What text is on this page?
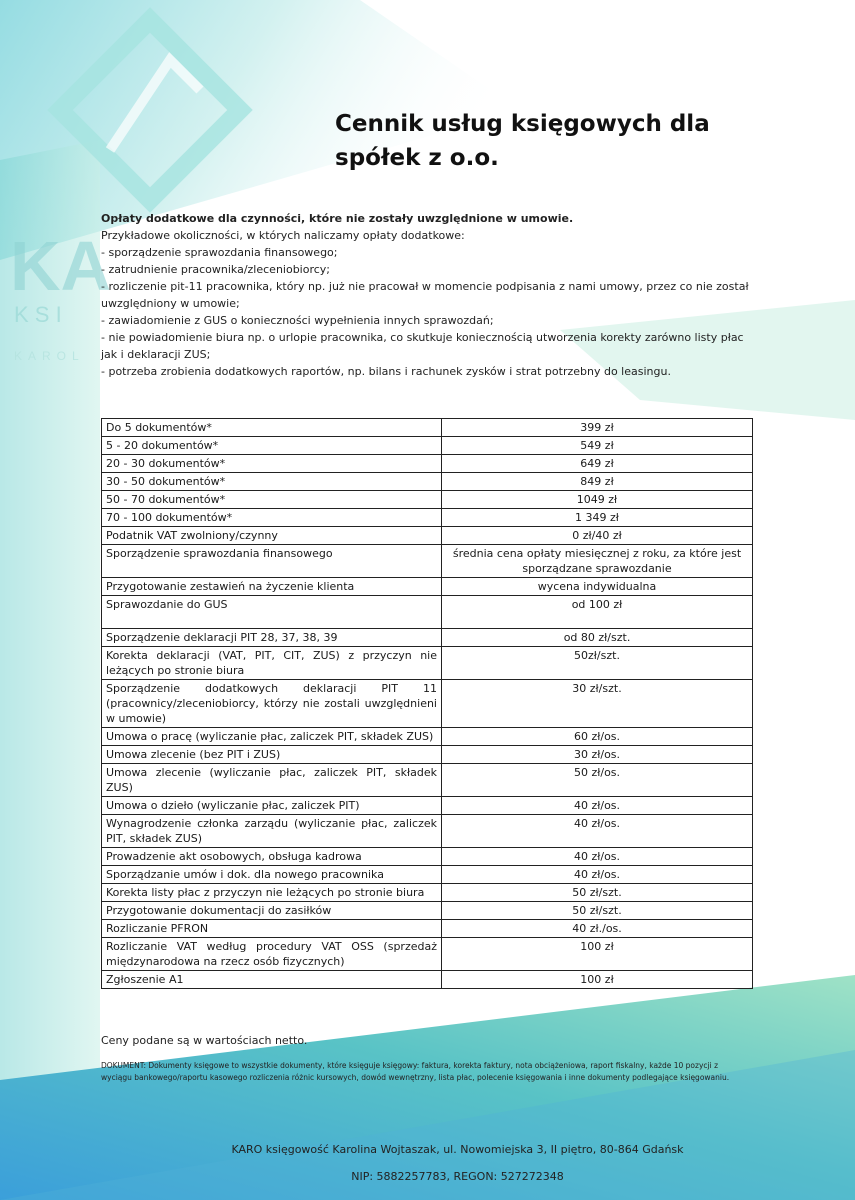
KA
K S I
KAROL
Cennik usług księgowych dla
spółek z o.o.

Opłaty dodatkowe dla czynności, które nie zostały uwzględnione w umowie.

Przykładowe okoliczności, w których naliczamy opłaty dodatkowe:

- sporządzenie sprawozdania finansowego;

- zatrudnienie pracownika/zleceniobiorcy;

- rozliczenie pit-11 pracownika, który np. już nie pracował w momencie podpisania z nami umowy, przez co nie został uwzględniony w umowie;

- zawiadomienie z GUS o konieczności wypełnienia innych sprawozdań;

- nie powiadomienie biura np. o urlopie pracownika, co skutkuje koniecznością utworzenia korekty zarówno listy płac jak i deklaracji ZUS;

- potrzeba zrobienia dodatkowych raportów, np. bilans i rachunek zysków i strat potrzebny do leasingu.

Do 5 dokumentów*	399 zł
5 - 20 dokumentów*	549 zł
20 - 30 dokumentów*	649 zł
30 - 50 dokumentów*	849 zł
50 - 70 dokumentów*	1049 zł
70 - 100 dokumentów*	1 349 zł
Podatnik VAT zwolniony/czynny	0 zł/40 zł
Sporządzenie sprawozdania finansowego	średnia cena opłaty miesięcznej z roku, za które jest sporządzane sprawozdanie
Przygotowanie zestawień na życzenie klienta	wycena indywidualna
Sprawozdanie do GUS	od 100 zł
Sporządzenie deklaracji PIT 28, 37, 38, 39	od 80 zł/szt.
Korekta deklaracji (VAT, PIT, CIT, ZUS) z przyczyn nie leżących po stronie biura	50zł/szt.
Sporządzenie dodatkowych deklaracji PIT 11 (pracownicy/zleceniobiorcy, którzy nie zostali uwzględnieni w umowie)	30 zł/szt.
Umowa o pracę (wyliczanie płac, zaliczek PIT, składek ZUS)	60 zł/os.
Umowa zlecenie (bez PIT i ZUS)	30 zł/os.
Umowa zlecenie (wyliczanie płac, zaliczek PIT, składek ZUS)	50 zł/os.
Umowa o dzieło (wyliczanie płac, zaliczek PIT)	40 zł/os.
Wynagrodzenie członka zarządu (wyliczanie płac, zaliczek PIT, składek ZUS)	40 zł/os.
Prowadzenie akt osobowych, obsługa kadrowa	40 zł/os.
Sporządzanie umów i dok. dla nowego pracownika	40 zł/os.
Korekta listy płac z przyczyn nie leżących po stronie biura	50 zł/szt.
Przygotowanie dokumentacji do zasiłków	50 zł/szt.
Rozliczanie PFRON	40 zł./os.
Rozliczanie VAT według procedury VAT OSS (sprzedaż międzynarodowa na rzecz osób fizycznych)	100 zł
Zgłoszenie A1	100 zł
Ceny podane są w wartościach netto.
DOKUMENT: Dokumenty księgowe to wszystkie dokumenty, które księguje księgowy: faktura, korekta faktury, nota obciążeniowa, raport fiskalny, każde 10 pozycji z wyciągu bankowego/raportu kasowego rozliczenia różnic kursowych, dowód wewnętrzny, lista płac, polecenie księgowania i inne dokumenty podlegające księgowaniu.
KARO księgowość Karolina Wojtaszak, ul. Nowomiejska 3, II piętro, 80-864 Gdańsk
NIP: 5882257783, REGON: 527272348
